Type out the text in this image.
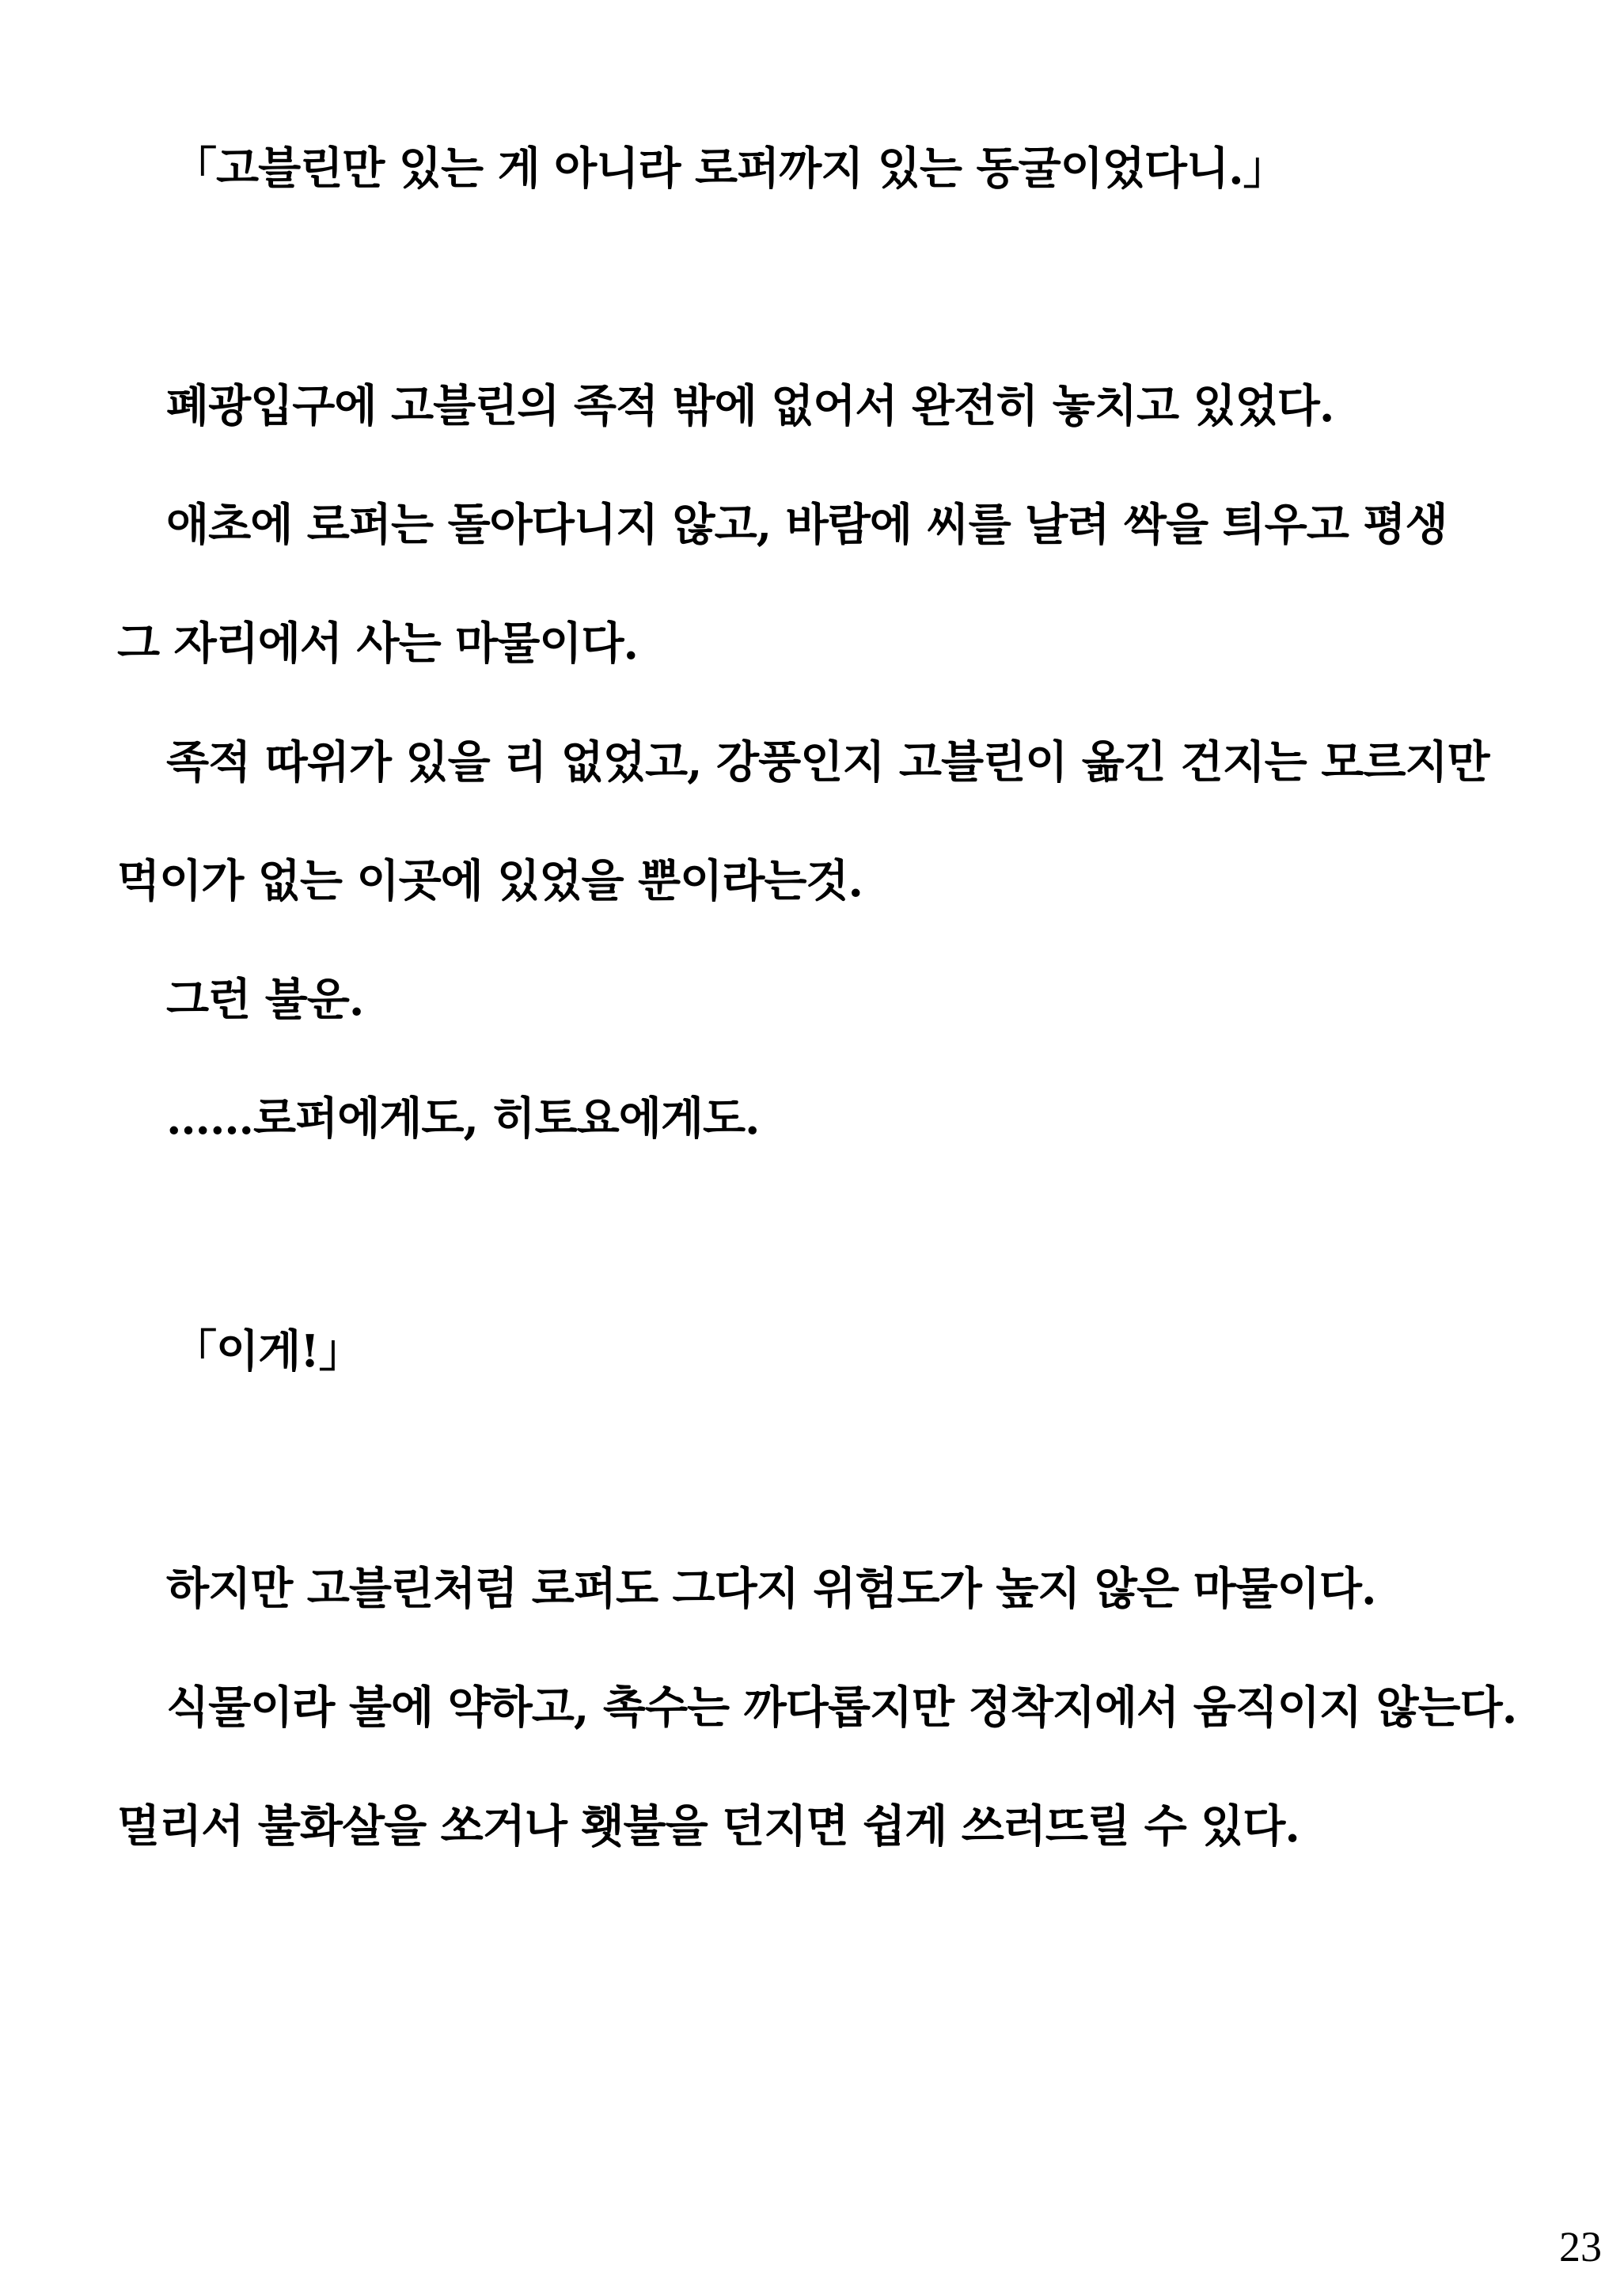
「고블린만 있는 게 아니라 로퍼까지 있는 동굴이었다니.」
폐광입구에 고블린의 족적 밖에 없어서 완전히 놓치고 있었다.
애초에 로퍼는 돌아다니지 않고, 바람에 씨를 날려 싹을 틔우고 평생
그 자리에서 사는 마물이다.
족적 따위가 있을 리 없었고, 강풍인지 고블린이 옮긴 건지는 모르지만
먹이가 없는 이곳에 있었을 뿐이라는것.
그런 불운.
……로퍼에게도, 히토요에게도.
「이게!」
하지만 고블린처럼 로퍼도 그다지 위험도가 높지 않은 마물이다.
식물이라 불에 약하고, 촉수는 까다롭지만 정착지에서 움직이지 않는다.
멀리서 불화살을 쏘거나 횃불을 던지면 쉽게 쓰러뜨릴 수 있다.
23
